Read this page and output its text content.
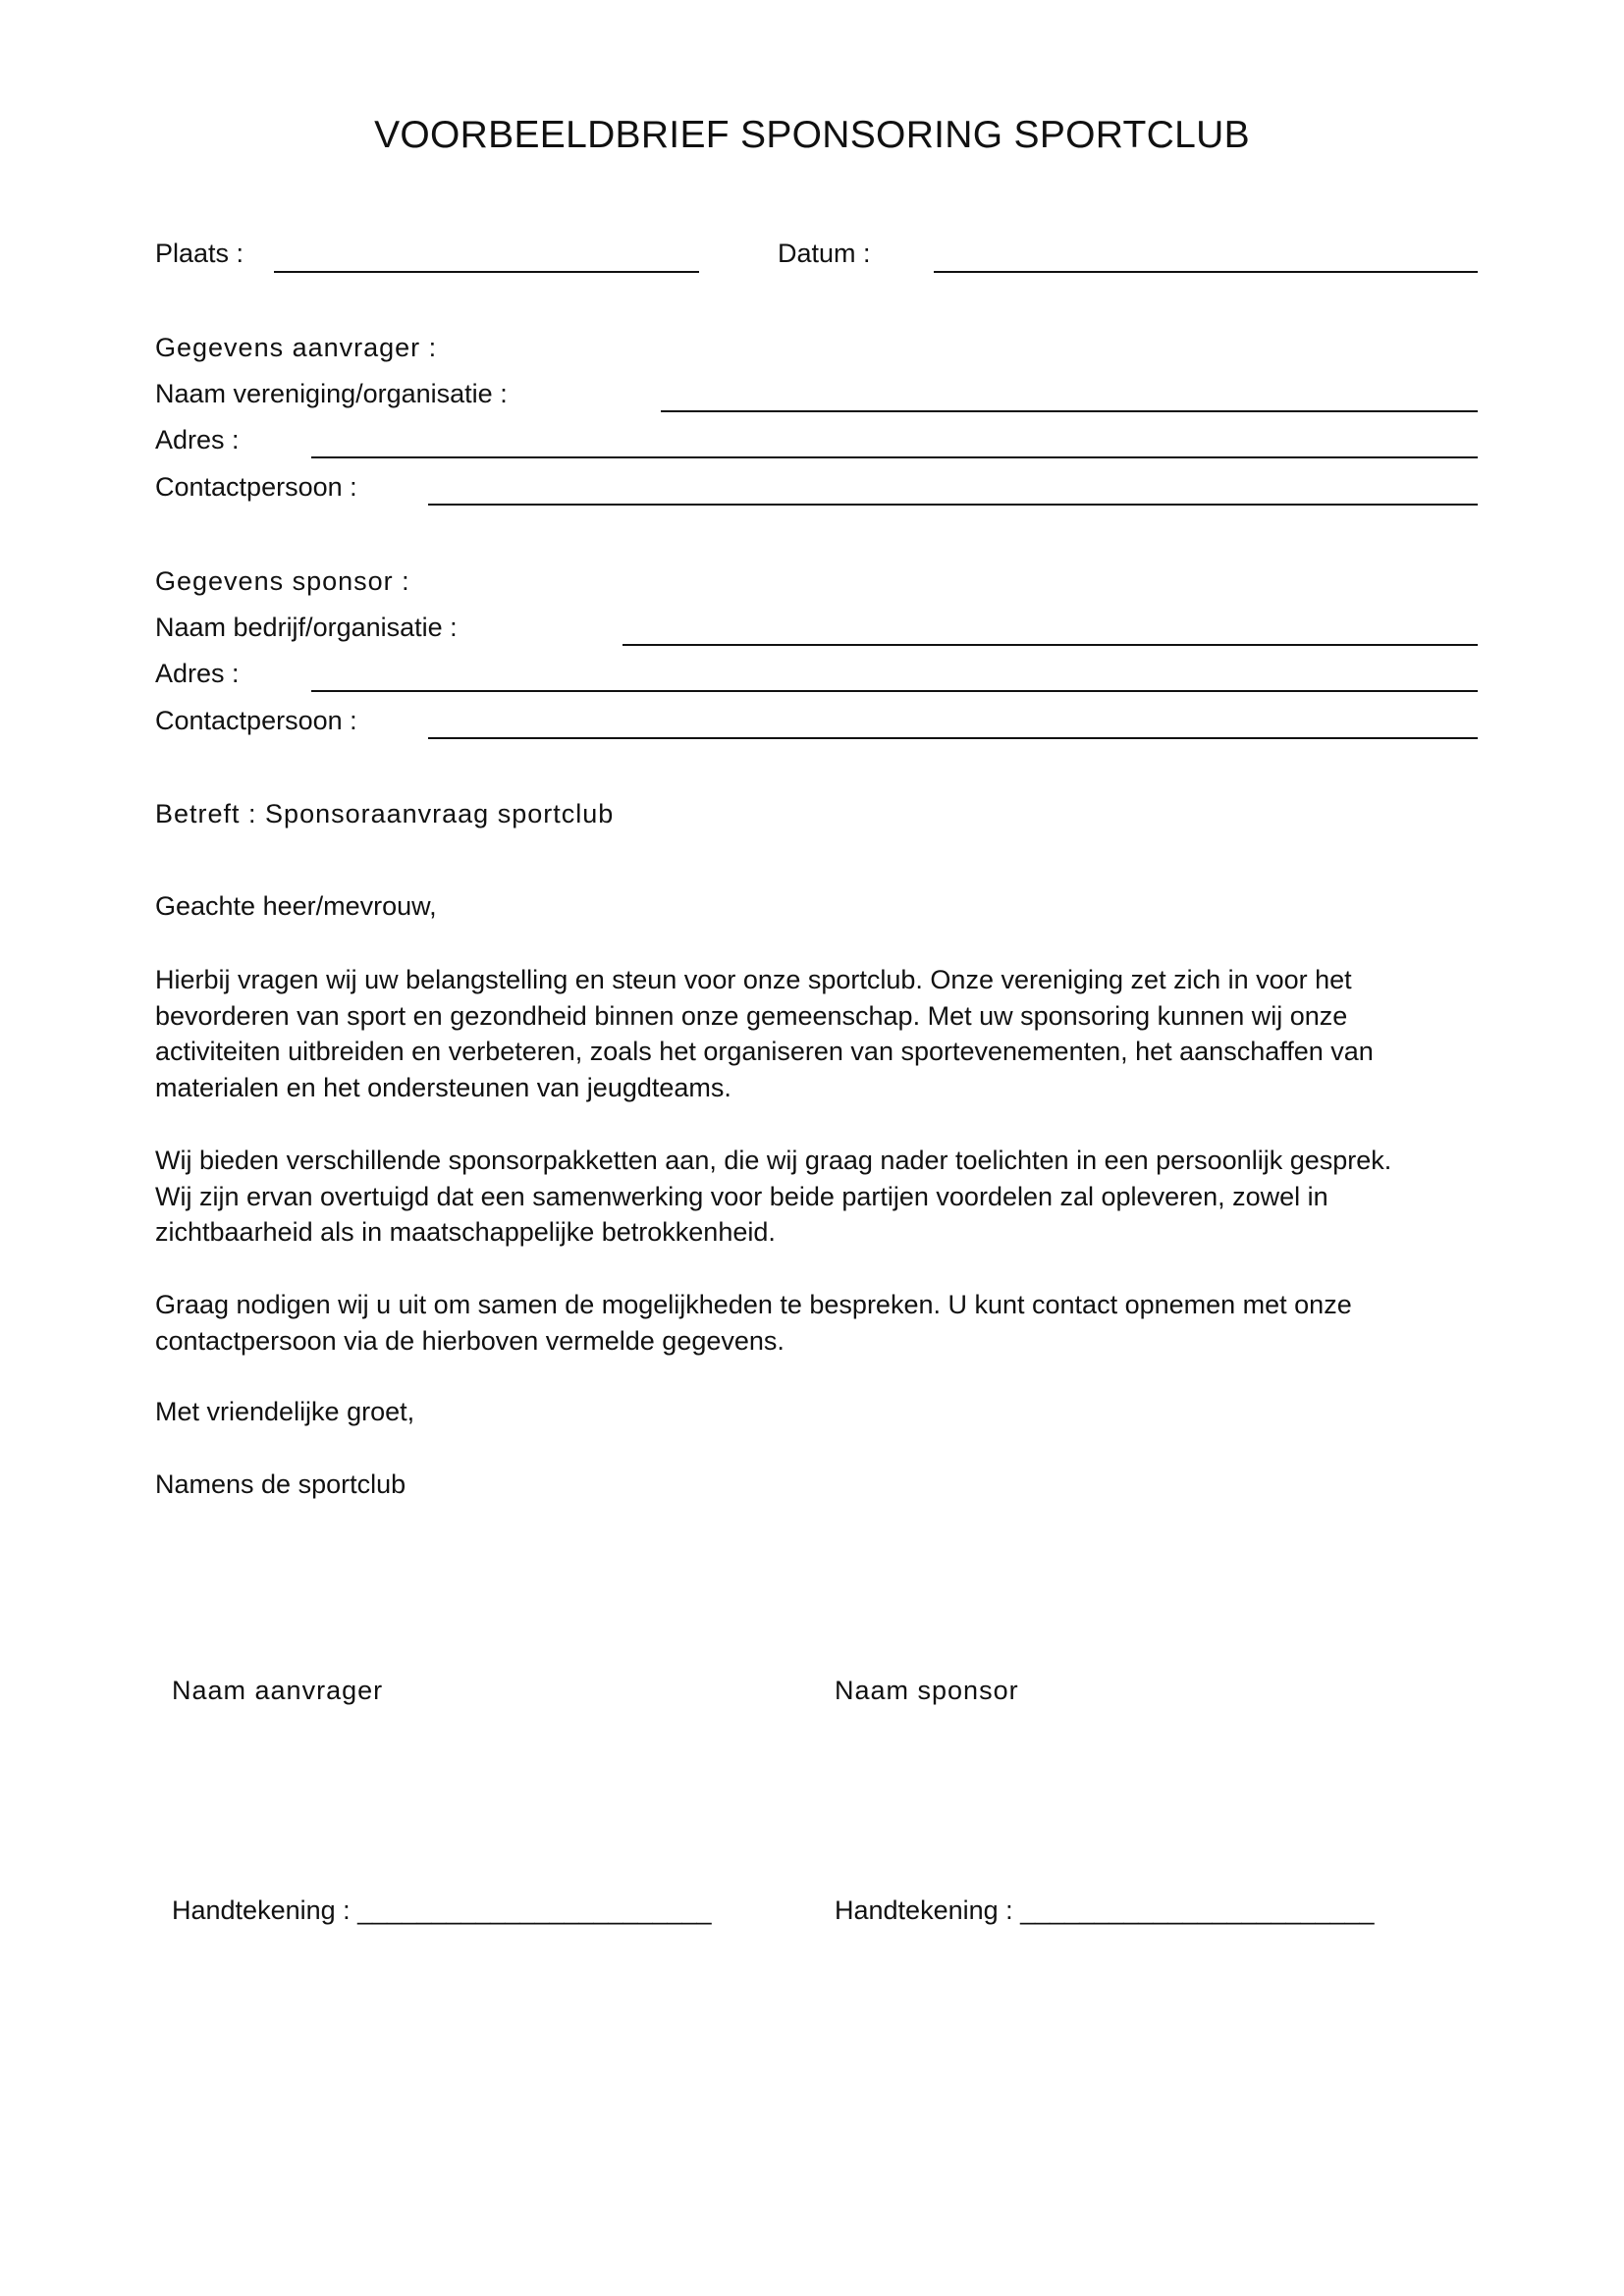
VOORBEELDBRIEF SPONSORING SPORTCLUB
Plaats :	Datum :
Gegevens aanvrager :
Naam vereniging/organisatie :
Adres :
Contactpersoon :
Gegevens sponsor :
Naam bedrijf/organisatie :
Adres :
Contactpersoon :
Betreft : Sponsoraanvraag sportclub
Geachte heer/mevrouw,
Hierbij vragen wij uw belangstelling en steun voor onze sportclub. Onze vereniging zet zich in voor het
bevorderen van sport en gezondheid binnen onze gemeenschap. Met uw sponsoring kunnen wij onze
activiteiten uitbreiden en verbeteren, zoals het organiseren van sportevenementen, het aanschaffen van
materialen en het ondersteunen van jeugdteams.
Wij bieden verschillende sponsorpakketten aan, die wij graag nader toelichten in een persoonlijk gesprek.
Wij zijn ervan overtuigd dat een samenwerking voor beide partijen voordelen zal opleveren, zowel in
zichtbaarheid als in maatschappelijke betrokkenheid.
Graag nodigen wij u uit om samen de mogelijkheden te bespreken. U kunt contact opnemen met onze
contactpersoon via de hierboven vermelde gegevens.
Met vriendelijke groet,
Namens de sportclub
Naam aanvrager	Naam sponsor
Handtekening : ________________________	Handtekening : ________________________
